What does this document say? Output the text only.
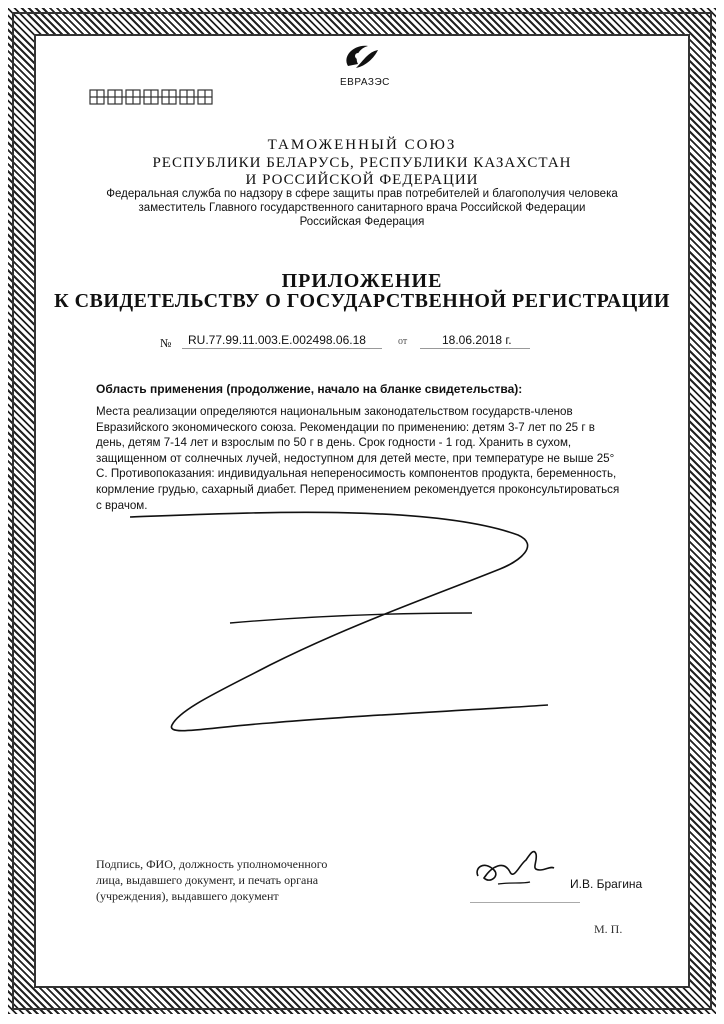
ЕВРАЗЭС
ТАМОЖЕННЫЙ СОЮЗ
РЕСПУБЛИКИ БЕЛАРУСЬ, РЕСПУБЛИКИ КАЗАХСТАН
И РОССИЙСКОЙ ФЕДЕРАЦИИ
Федеральная служба по надзору в сфере защиты прав потребителей и благополучия человека
заместитель Главного государственного санитарного врача Российской Федерации
Российская Федерация
ПРИЛОЖЕНИЕ
К СВИДЕТЕЛЬСТВУ О ГОСУДАРСТВЕННОЙ РЕГИСТРАЦИИ
№ RU.77.99.11.003.E.002498.06.18	от	18.06.2018 г.
Область применения (продолжение, начало на бланке свидетельства):
Места реализации определяются национальным законодательством государств-членов
Евразийского экономического союза. Рекомендации по применению: детям 3-7 лет по 25 г в
день, детям 7-14 лет и взрослым по 50 г в день. Срок годности - 1 год. Хранить в сухом,
защищенном от солнечных лучей, недоступном для детей месте, при температуре не выше 25°
С. Противопоказания: индивидуальная непереносимость компонентов продукта, беременность,
кормление грудью, сахарный диабет. Перед применением рекомендуется проконсультироваться
с врачом.
Подпись, ФИО, должность уполномоченного
лица, выдавшего документ, и печать органа
(учреждения), выдавшего документ
И.В. Брагина
М. П.
